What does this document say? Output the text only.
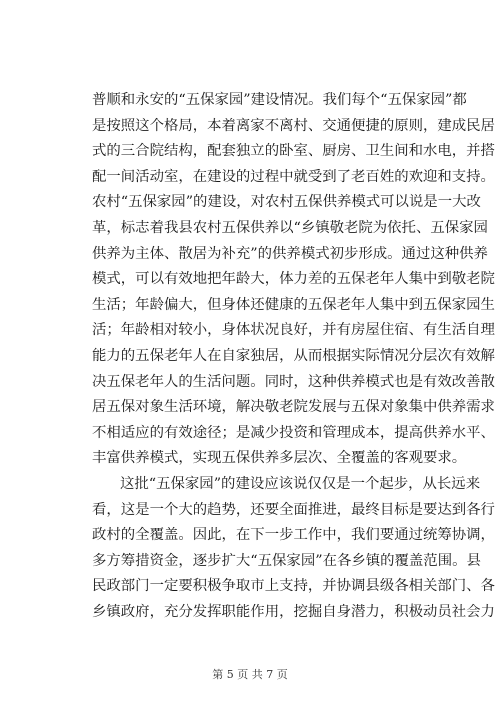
普顺和永安的“五保家园”建设情况。我们每个“五保家园”都
是按照这个格局，本着离家不离村、交通便捷的原则，建成民居
式的三合院结构，配套独立的卧室、厨房、卫生间和水电，并搭
配一间活动室，在建设的过程中就受到了老百姓的欢迎和支持。
农村“五保家园”的建设，对农村五保供养模式可以说是一大改
革，标志着我县农村五保供养以“乡镇敬老院为依托、五保家园
供养为主体、散居为补充”的供养模式初步形成。通过这种供养
模式，可以有效地把年龄大，体力差的五保老年人集中到敬老院
生活；年龄偏大，但身体还健康的五保老年人集中到五保家园生
活；年龄相对较小，身体状况良好，并有房屋住宿、有生活自理
能力的五保老年人在自家独居，从而根据实际情况分层次有效解
决五保老年人的生活问题。同时，这种供养模式也是有效改善散
居五保对象生活环境，解决敬老院发展与五保对象集中供养需求
不相适应的有效途径；是减少投资和管理成本，提高供养水平、
丰富供养模式，实现五保供养多层次、全覆盖的客观要求。
这批“五保家园”的建设应该说仅仅是一个起步，从长远来
看，这是一个大的趋势，还要全面推进，最终目标是要达到各行
政村的全覆盖。因此，在下一步工作中，我们要通过统筹协调，
多方筹措资金，逐步扩大“五保家园”在各乡镇的覆盖范围。县
民政部门一定要积极争取市上支持，并协调县级各相关部门、各
乡镇政府，充分发挥职能作用，挖掘自身潜力，积极动员社会力
第 5 页 共 7 页
